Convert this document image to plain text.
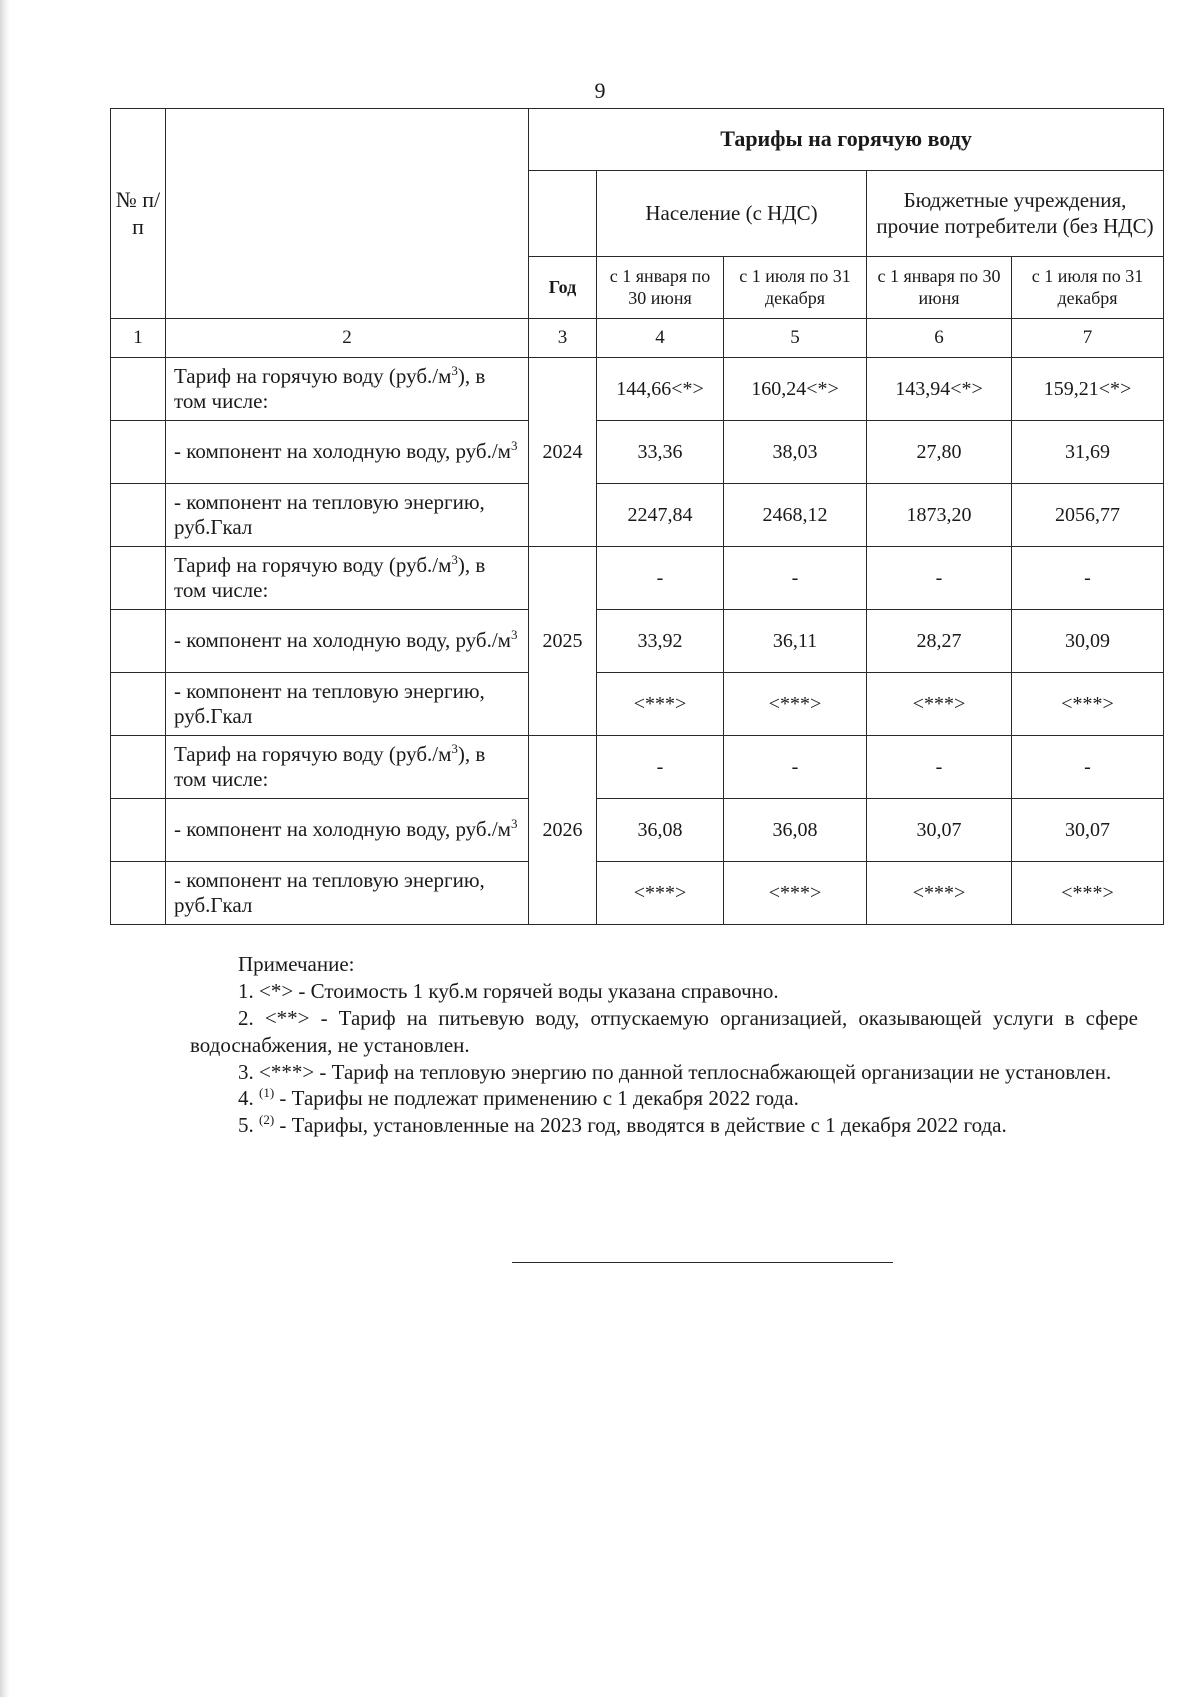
9
№ п/п		Тарифы на горячую воду				
			Население (с НДС)		Бюджетные учреждения, прочие потребители (без НДС)	
		Год	с 1 января по 30 июня	с 1 июля по 31 декабря	с 1 января по 30 июня	с 1 июля по 31 декабря
1	2	3	4	5	6	7
	Тариф на горячую воду $(руб./м^3)$, в том числе:	2024	144,66<*>	160,24<*>	143,94<*>	159,21<*>
	- компонент на холодную воду, $руб./м^3$		33,36	38,03	27,80	31,69
	- компонент на тепловую энергию, руб.Гкал		2247,84	2468,12	1873,20	2056,77
	Тариф на горячую воду $(руб./м^3)$, в том числе:	2025	-	-	-	-
	- компонент на холодную воду, $руб./м^3$		33,92	36,11	28,27	30,09
	- компонент на тепловую энергию, руб.Гкал		<***>	<***>	<***>	<***>
	Тариф на горячую воду $(руб./м^3)$, в том числе:	2026	-	-	-	-
	- компонент на холодную воду, $руб./м^3$		36,08	36,08	30,07	30,07
	- компонент на тепловую энергию, руб.Гкал		<***>	<***>	<***>	<***>

Примечание:

1. <*> - Стоимость 1 куб.м горячей воды указана справочно.

2. <**> - Тариф на питьевую воду, отпускаемую организацией, оказывающей услуги в сфере водоснабжения, не установлен.

3. <***> - Тариф на тепловую энергию по данной теплоснабжающей организации не установлен.

4. $^{(1)}$ - Тарифы не подлежат применению с 1 декабря 2022 года.

5. $^{(2)}$ - Тарифы, установленные на 2023 год, вводятся в действие с 1 декабря 2022 года.
